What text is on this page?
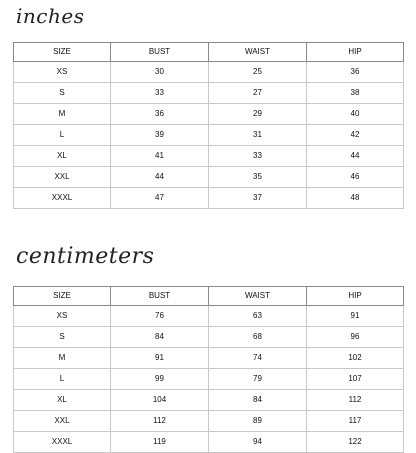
inches
SIZE	BUST	WAIST	HIP
XS	30	25	36
S	33	27	38
M	36	29	40
L	39	31	42
XL	41	33	44
XXL	44	35	46
XXXL	47	37	48
centimeters
SIZE	BUST	WAIST	HIP
XS	76	63	91
S	84	68	96
M	91	74	102
L	99	79	107
XL	104	84	112
XXL	112	89	117
XXXL	119	94	122
